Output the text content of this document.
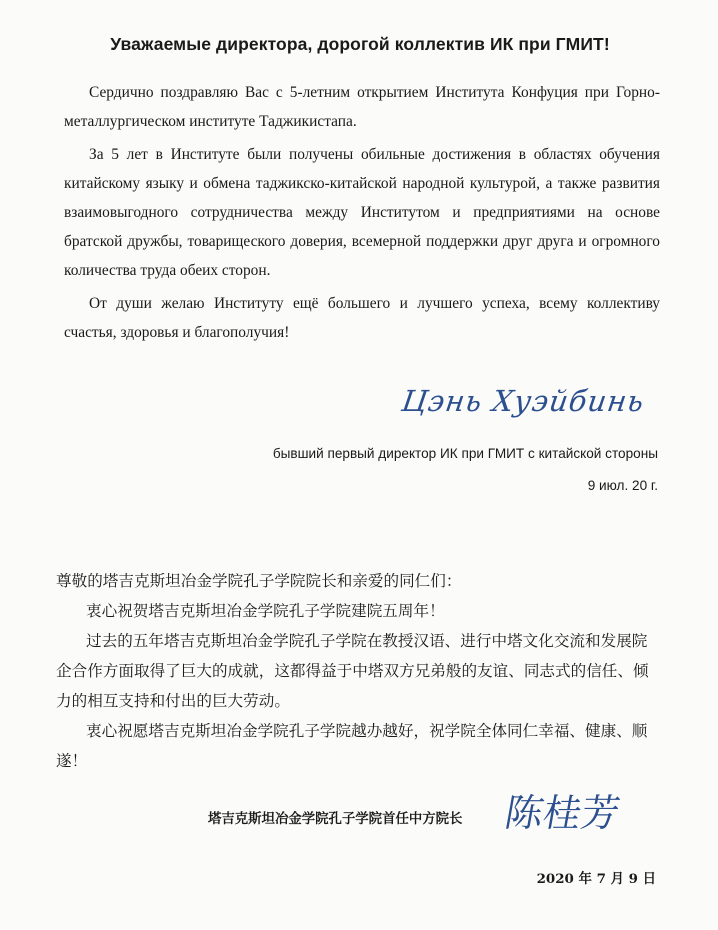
Уважаемые директора, дорогой коллектив ИК при ГМИТ!

Сердично поздравляю Вас с 5-летним открытием Института Конфуция при Горно-металлургическом институте Таджикистапа.

За 5 лет в Институте были получены обильные достижения в областях обучения китайскому языку и обмена таджикско-китайской народной культурой, а также развития взаимовыгодного сотрудничества между Институтом и предприятиями на основе братской дружбы, товарищеского доверия, всемерной поддержки друг друга и огромного количества труда обеих сторон.

От души желаю Институту ещё большего и лучшего успеха, всему коллективу счастья, здоровья и благополучия!

Цэнь Хуэйбинь
бывший первый директор ИК при ГМИТ с китайской стороны
9 июл. 20 г.

尊敬的塔吉克斯坦冶金学院孔子学院院长和亲爱的同仁们：

衷心祝贺塔吉克斯坦冶金学院孔子学院建院五周年！

过去的五年塔吉克斯坦冶金学院孔子学院在教授汉语、进行中塔文化交流和发展院企合作方面取得了巨大的成就，这都得益于中塔双方兄弟般的友谊、同志式的信任、倾力的相互支持和付出的巨大劳动。

衷心祝愿塔吉克斯坦冶金学院孔子学院越办越好，祝学院全体同仁幸福、健康、顺遂！

塔吉克斯坦冶金学院孔子学院首任中方院长 陈桂芳
2020 年 7 月 9 日
